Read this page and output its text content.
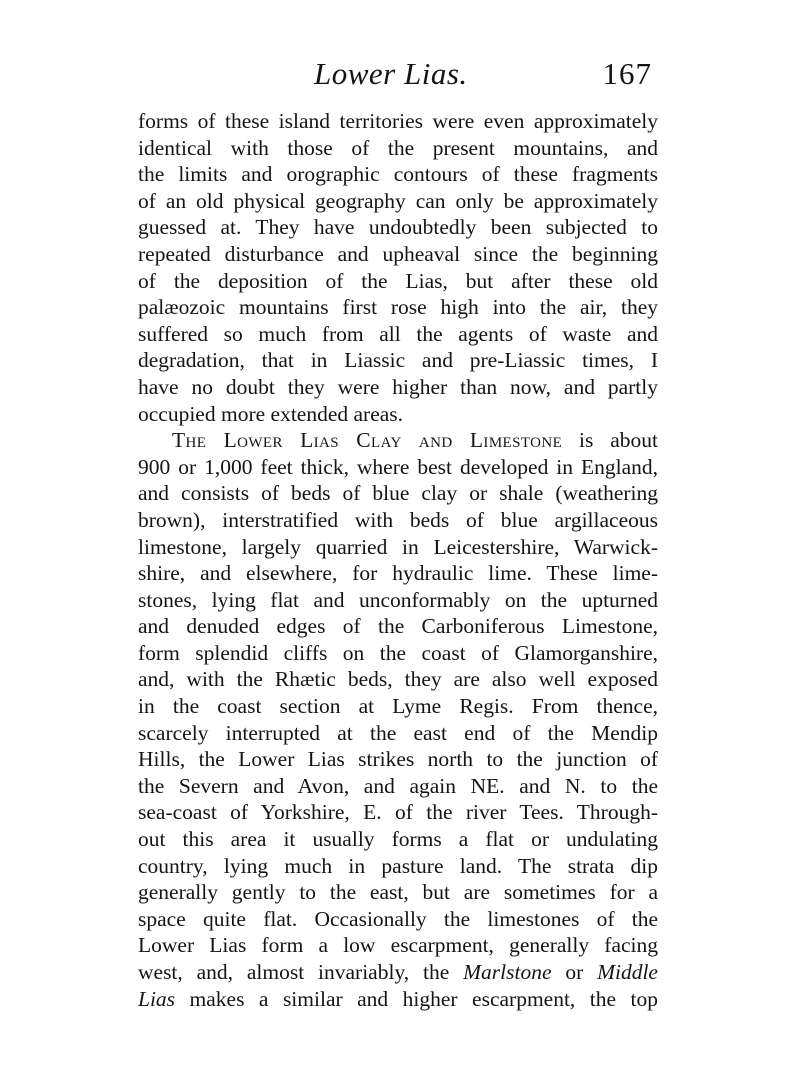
Lower Lias.	167
forms of these island territories were even approximately
identical with those of the present mountains, and
the limits and orographic contours of these fragments
of an old physical geography can only be approximately
guessed at. They have undoubtedly been subjected to
repeated disturbance and upheaval since the beginning
of the deposition of the Lias, but after these old
palæozoic mountains first rose high into the air, they
suffered so much from all the agents of waste and
degradation, that in Liassic and pre-Liassic times, I
have no doubt they were higher than now, and partly
occupied more extended areas.
The Lower Lias Clay and Limestone is about
900 or 1,000 feet thick, where best developed in England,
and consists of beds of blue clay or shale (weathering
brown), interstratified with beds of blue argillaceous
limestone, largely quarried in Leicestershire, Warwick-
shire, and elsewhere, for hydraulic lime. These lime-
stones, lying flat and unconformably on the upturned
and denuded edges of the Carboniferous Limestone,
form splendid cliffs on the coast of Glamorganshire,
and, with the Rhætic beds, they are also well exposed
in the coast section at Lyme Regis. From thence,
scarcely interrupted at the east end of the Mendip
Hills, the Lower Lias strikes north to the junction of
the Severn and Avon, and again NE. and N. to the
sea-coast of Yorkshire, E. of the river Tees. Through-
out this area it usually forms a flat or undulating
country, lying much in pasture land. The strata dip
generally gently to the east, but are sometimes for a
space quite flat. Occasionally the limestones of the
Lower Lias form a low escarpment, generally facing
west, and, almost invariably, the Marlstone or Middle
Lias makes a similar and higher escarpment, the top
